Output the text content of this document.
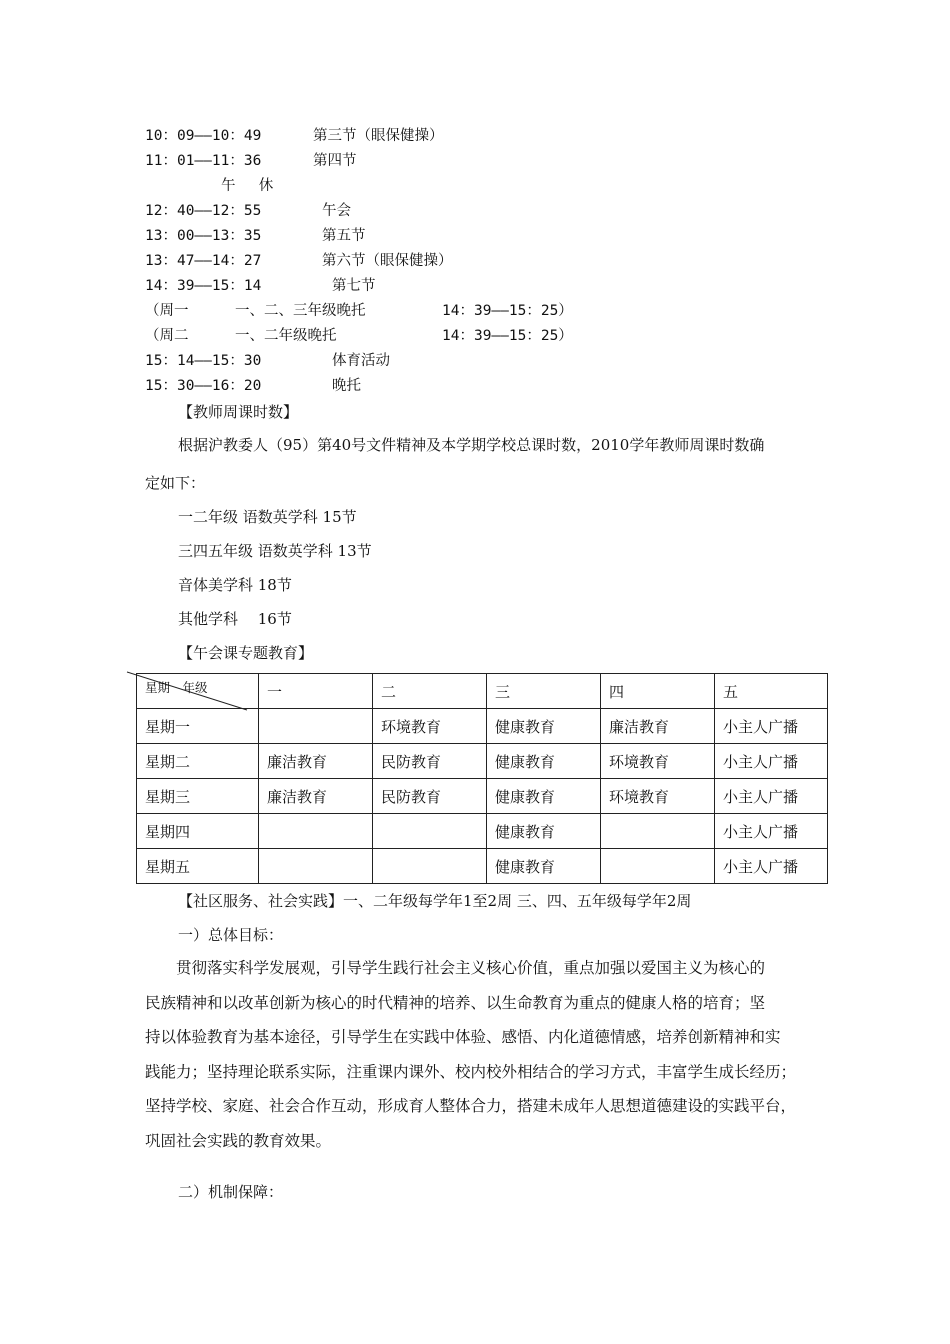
10：09——10：49	第三节（眼保健操）
11：01——11：36	第四节
午　 休
12：40——12：55	午会
13：00——13：35	第五节
13：47——14：27	第六节（眼保健操）
14：39——15：14	第七节
（周一	一、二、三年级晚托	14：39——15：25）
（周二	一、二年级晚托	14：39——15：25）
15：14——15：30	体育活动
15：30——16：20	晚托
【教师周课时数】
根据沪教委人（95）第40号文件精神及本学期学校总课时数，2010学年教师周课时数确
定如下：
一二年级 语数英学科 15节
三四五年级 语数英学科 13节
音体美学科 18节
其他学科　 16节
【午会课专题教育】
星期　年级	一	二	三	四	五
星期一		环境教育	健康教育	廉洁教育	小主人广播
星期二	廉洁教育	民防教育	健康教育	环境教育	小主人广播
星期三	廉洁教育	民防教育	健康教育	环境教育	小主人广播
星期四			健康教育		小主人广播
星期五			健康教育		小主人广播
【社区服务、社会实践】一、二年级每学年1至2周 三、四、五年级每学年2周
一）总体目标：
　　贯彻落实科学发展观，引导学生践行社会主义核心价值，重点加强以爱国主义为核心的
民族精神和以改革创新为核心的时代精神的培养、以生命教育为重点的健康人格的培育；坚
持以体验教育为基本途径，引导学生在实践中体验、感悟、内化道德情感，培养创新精神和实
践能力；坚持理论联系实际，注重课内课外、校内校外相结合的学习方式，丰富学生成长经历；
坚持学校、家庭、社会合作互动，形成育人整体合力，搭建未成年人思想道德建设的实践平台，
巩固社会实践的教育效果。
二）机制保障：
